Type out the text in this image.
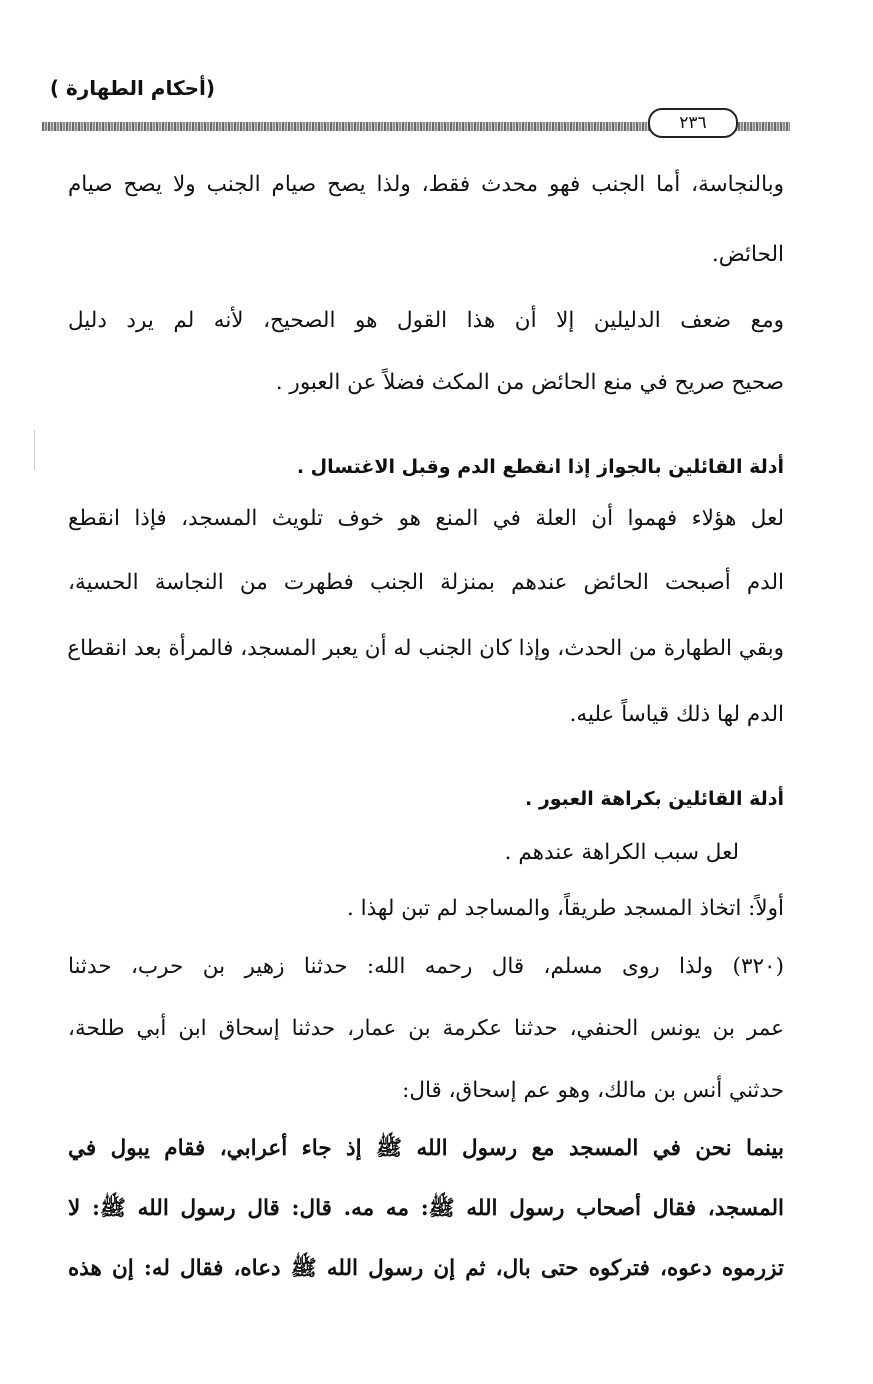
(أحكام الطهارة )
٢٣٦
وبالنجاسة، أما الجنب فهو محدث فقط، ولذا يصح صيام الجنب ولا يصح صيام
الحائض.
ومع ضعف الدليلين إلا أن هذا القول هو الصحيح، لأنه لم يرد دليل
صحيح صريح في منع الحائض من المكث فضلاً عن العبور .
أدلة القائلين بالجواز إذا انقطع الدم وقبل الاغتسال .
لعل هؤلاء فهموا أن العلة في المنع هو خوف تلويث المسجد، فإذا انقطع
الدم أصبحت الحائض عندهم بمنزلة الجنب فطهرت من النجاسة الحسية،
وبقي الطهارة من الحدث، وإذا كان الجنب له أن يعبر المسجد، فالمرأة بعد انقطاع
الدم لها ذلك قياساً عليه.
أدلة القائلين بكراهة العبور .
لعل سبب الكراهة عندهم .
أولاً: اتخاذ المسجد طريقاً، والمساجد لم تبن لهذا .
(٣٢٠) ولذا روى مسلم، قال رحمه الله: حدثنا زهير بن حرب، حدثنا
عمر بن يونس الحنفي، حدثنا عكرمة بن عمار، حدثنا إسحاق ابن أبي طلحة،
حدثني أنس بن مالك، وهو عم إسحاق، قال:
بينما نحن في المسجد مع رسول الله ﷺ إذ جاء أعرابي، فقام يبول في
المسجد، فقال أصحاب رسول الله ﷺ: مه مه. قال: قال رسول الله ﷺ: لا
تزرموه دعوه، فتركوه حتى بال، ثم إن رسول الله ﷺ دعاه، فقال له: إن هذه
